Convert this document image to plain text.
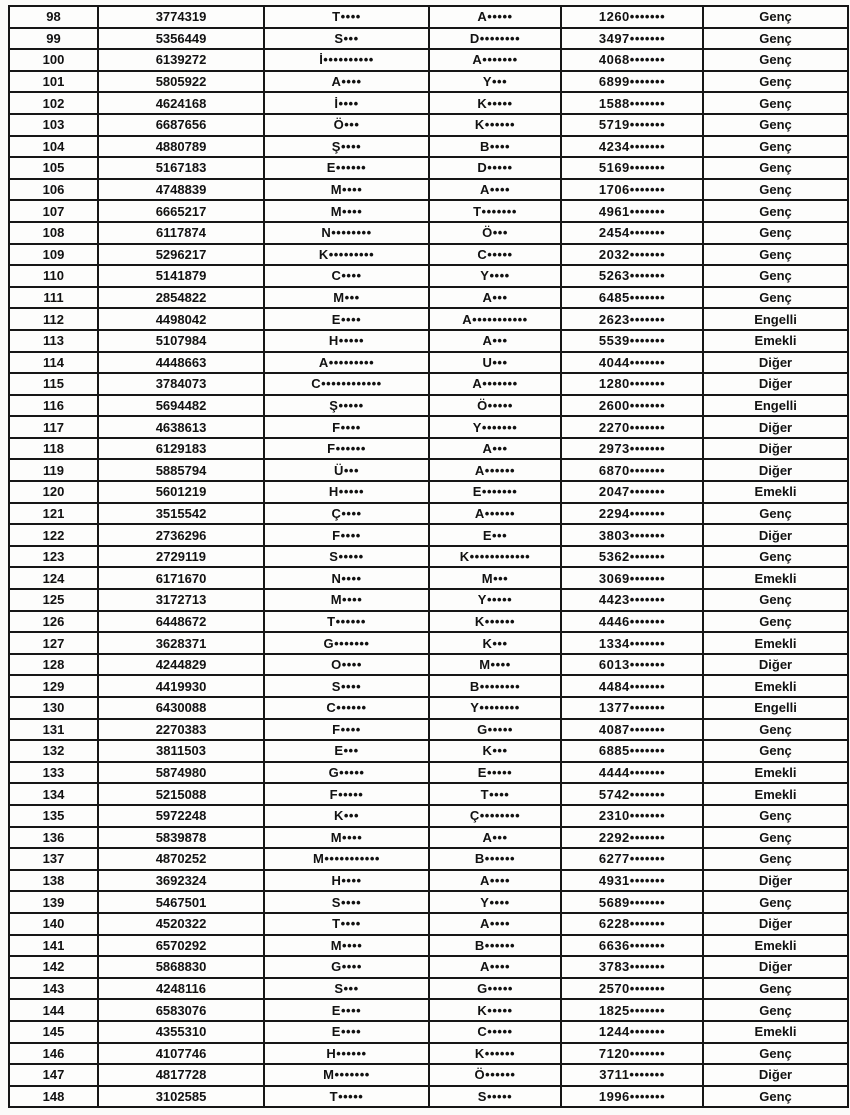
98	3774319	T••••	A•••••	1260•••••••	Genç
99	5356449	S•••	D••••••••	3497•••••••	Genç
100	6139272	İ••••••••••	A•••••••	4068•••••••	Genç
101	5805922	A••••	Y•••	6899•••••••	Genç
102	4624168	İ••••	K•••••	1588•••••••	Genç
103	6687656	Ö•••	K••••••	5719•••••••	Genç
104	4880789	Ş••••	B••••	4234•••••••	Genç
105	5167183	E••••••	D•••••	5169•••••••	Genç
106	4748839	M••••	A••••	1706•••••••	Genç
107	6665217	M••••	T•••••••	4961•••••••	Genç
108	6117874	N••••••••	Ö•••	2454•••••••	Genç
109	5296217	K•••••••••	C•••••	2032•••••••	Genç
110	5141879	C••••	Y••••	5263•••••••	Genç
111	2854822	M•••	A•••	6485•••••••	Genç
112	4498042	E••••	A•••••••••••	2623•••••••	Engelli
113	5107984	H•••••	A•••	5539•••••••	Emekli
114	4448663	A•••••••••	U•••	4044•••••••	Diğer
115	3784073	C••••••••••••	A•••••••	1280•••••••	Diğer
116	5694482	Ş•••••	Ö•••••	2600•••••••	Engelli
117	4638613	F••••	Y•••••••	2270•••••••	Diğer
118	6129183	F••••••	A•••	2973•••••••	Diğer
119	5885794	Ü•••	A••••••	6870•••••••	Diğer
120	5601219	H•••••	E•••••••	2047•••••••	Emekli
121	3515542	Ç••••	A••••••	2294•••••••	Genç
122	2736296	F••••	E•••	3803•••••••	Diğer
123	2729119	S•••••	K••••••••••••	5362•••••••	Genç
124	6171670	N••••	M•••	3069•••••••	Emekli
125	3172713	M••••	Y•••••	4423•••••••	Genç
126	6448672	T••••••	K••••••	4446•••••••	Genç
127	3628371	G•••••••	K•••	1334•••••••	Emekli
128	4244829	O••••	M••••	6013•••••••	Diğer
129	4419930	S••••	B••••••••	4484•••••••	Emekli
130	6430088	C••••••	Y••••••••	1377•••••••	Engelli
131	2270383	F••••	G•••••	4087•••••••	Genç
132	3811503	E•••	K•••	6885•••••••	Genç
133	5874980	G•••••	E•••••	4444•••••••	Emekli
134	5215088	F•••••	T••••	5742•••••••	Emekli
135	5972248	K•••	Ç••••••••	2310•••••••	Genç
136	5839878	M••••	A•••	2292•••••••	Genç
137	4870252	M•••••••••••	B••••••	6277•••••••	Genç
138	3692324	H••••	A••••	4931•••••••	Diğer
139	5467501	S••••	Y••••	5689•••••••	Genç
140	4520322	T••••	A••••	6228•••••••	Diğer
141	6570292	M••••	B••••••	6636•••••••	Emekli
142	5868830	G••••	A••••	3783•••••••	Diğer
143	4248116	S•••	G•••••	2570•••••••	Genç
144	6583076	E••••	K•••••	1825•••••••	Genç
145	4355310	E••••	C•••••	1244•••••••	Emekli
146	4107746	H••••••	K••••••	7120•••••••	Genç
147	4817728	M•••••••	Ö••••••	3711•••••••	Diğer
148	3102585	T•••••	S•••••	1996•••••••	Genç
